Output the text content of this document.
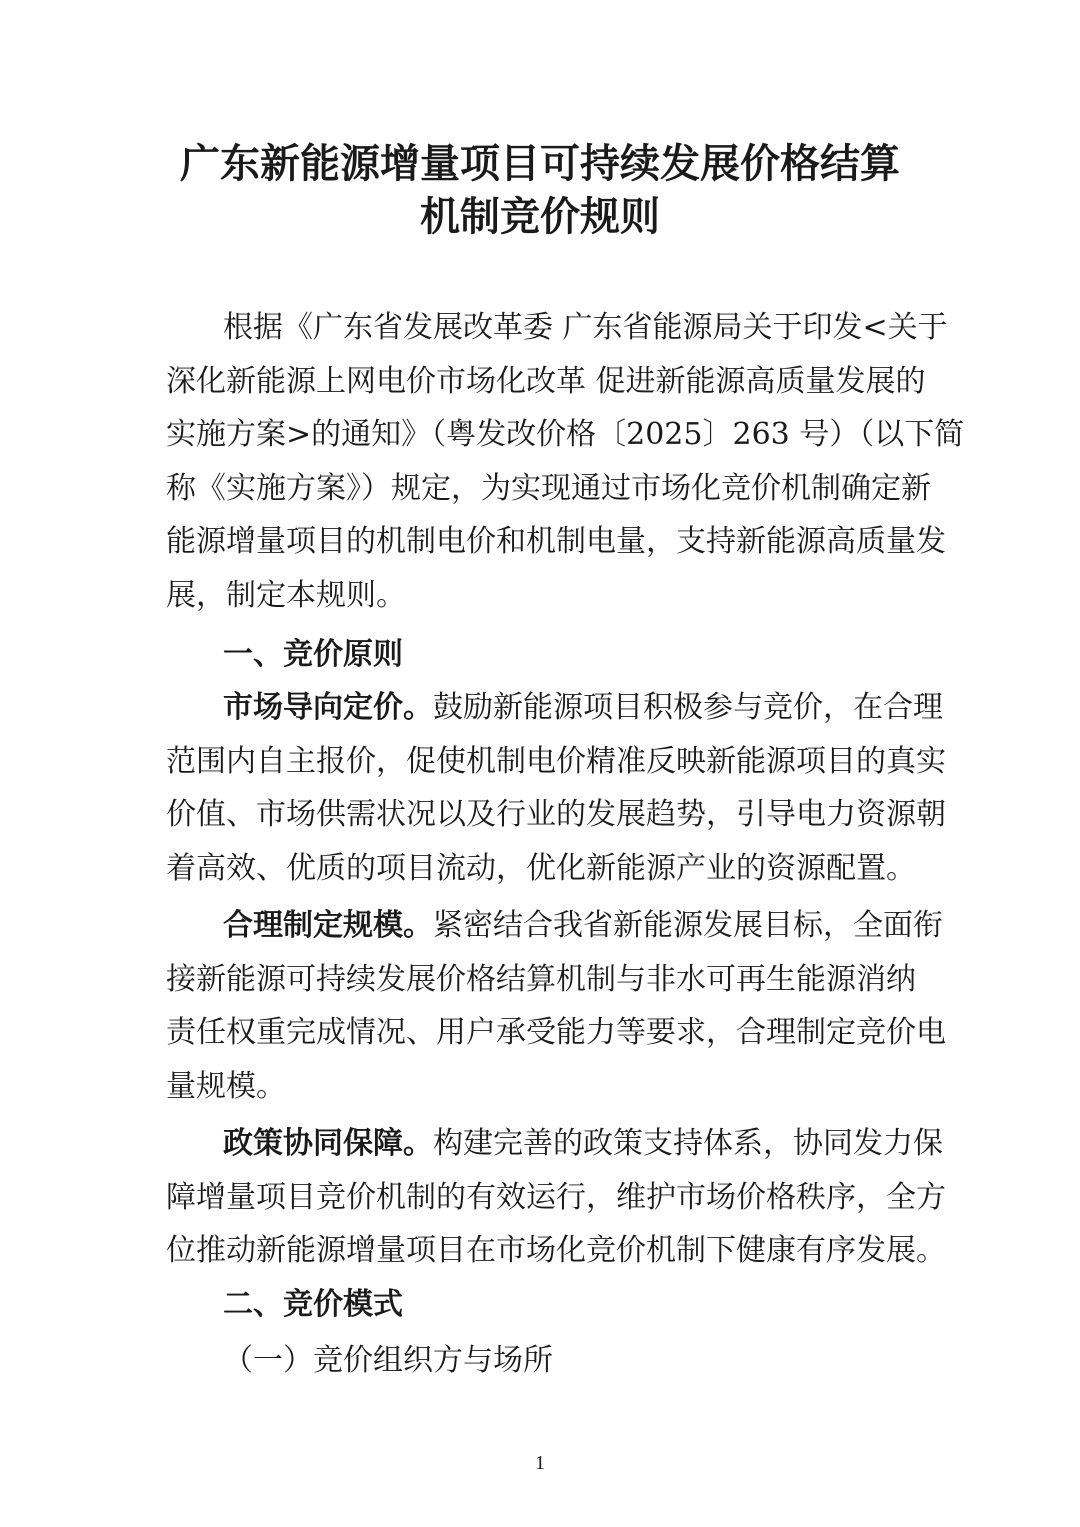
广东新能源增量项目可持续发展价格结算
机制竞价规则
根据《广东省发展改革委 广东省能源局关于印发<关于
深化新能源上网电价市场化改革 促进新能源高质量发展的
实施方案>的通知》（粤发改价格〔2025〕263 号）（以下简
称《实施方案》）规定，为实现通过市场化竞价机制确定新
能源增量项目的机制电价和机制电量，支持新能源高质量发
展，制定本规则。
一、竞价原则
市场导向定价。鼓励新能源项目积极参与竞价，在合理
范围内自主报价，促使机制电价精准反映新能源项目的真实
价值、市场供需状况以及行业的发展趋势，引导电力资源朝
着高效、优质的项目流动，优化新能源产业的资源配置。
合理制定规模。紧密结合我省新能源发展目标，全面衔
接新能源可持续发展价格结算机制与非水可再生能源消纳
责任权重完成情况、用户承受能力等要求，合理制定竞价电
量规模。
政策协同保障。构建完善的政策支持体系，协同发力保
障增量项目竞价机制的有效运行，维护市场价格秩序，全方
位推动新能源增量项目在市场化竞价机制下健康有序发展。
二、竞价模式

（一）竞价组织方与场所

1
